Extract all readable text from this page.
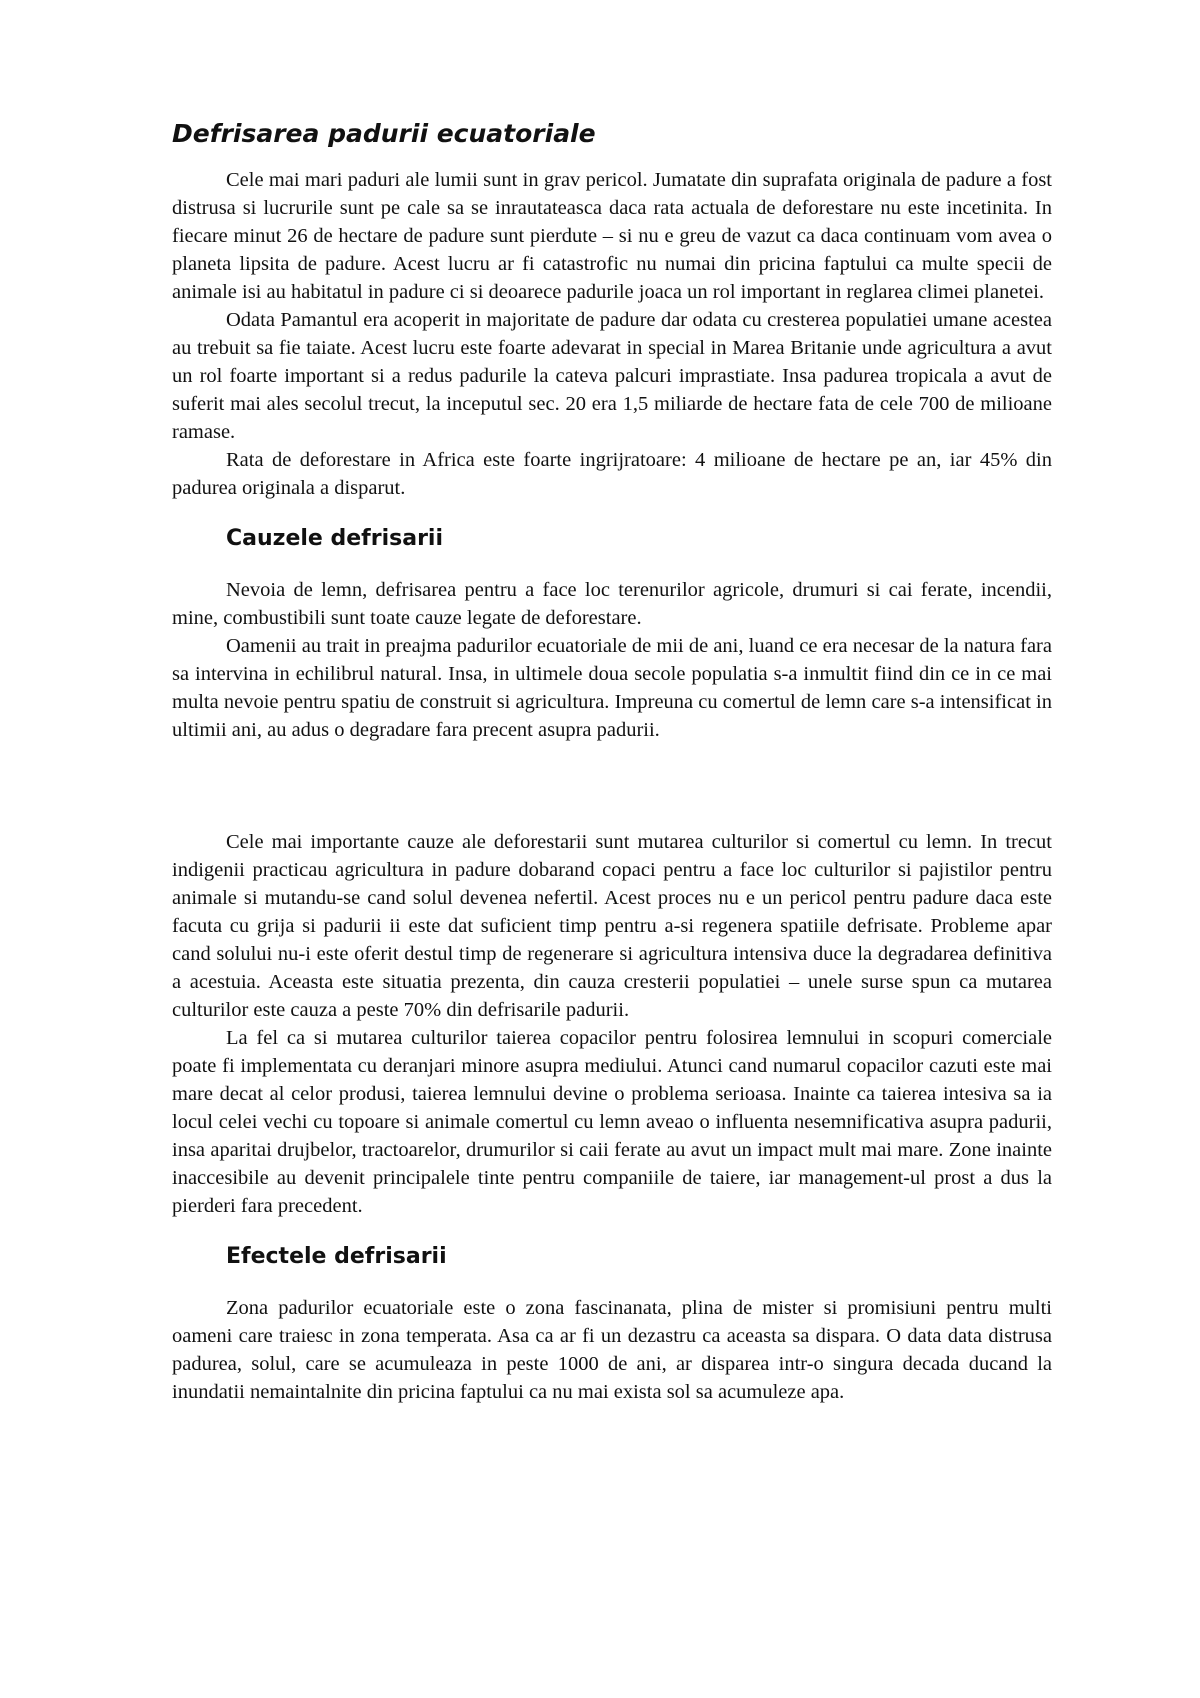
Defrisarea padurii ecuatoriale

Cele mai mari paduri ale lumii sunt in grav pericol. Jumatate din suprafata originala de padure a fost distrusa si lucrurile sunt pe cale sa se inrautateasca daca rata actuala de deforestare nu este incetinita. In fiecare minut 26 de hectare de padure sunt pierdute – si nu e greu de vazut ca daca continuam vom avea o planeta lipsita de padure. Acest lucru ar fi catastrofic nu numai din pricina faptului ca multe specii de animale isi au habitatul in padure ci si deoarece padurile joaca un rol important in reglarea climei planetei.

Odata Pamantul era acoperit in majoritate de padure dar odata cu cresterea populatiei umane acestea au trebuit sa fie taiate. Acest lucru este foarte adevarat in special in Marea Britanie unde agricultura a avut un rol foarte important si a redus padurile la cateva palcuri imprastiate. Insa padurea tropicala a avut de suferit mai ales secolul trecut, la inceputul sec. 20 era 1,5 miliarde de hectare fata de cele 700 de milioane ramase.

Rata de deforestare in Africa este foarte ingrijratoare: 4 milioane de hectare pe an, iar 45% din padurea originala a disparut.

Cauzele defrisarii

Nevoia de lemn, defrisarea pentru a face loc terenurilor agricole, drumuri si cai ferate, incendii, mine, combustibili sunt toate cauze legate de deforestare.

Oamenii au trait in preajma padurilor ecuatoriale de mii de ani, luand ce era necesar de la natura fara sa intervina in echilibrul natural. Insa, in ultimele doua secole populatia s-a inmultit fiind din ce in ce mai multa nevoie pentru spatiu de construit si agricultura. Impreuna cu comertul de lemn care s-a intensificat in ultimii ani, au adus o degradare fara precent asupra padurii.

Cele mai importante cauze ale deforestarii sunt mutarea culturilor si comertul cu lemn. In trecut indigenii practicau agricultura in padure dobarand copaci pentru a face loc culturilor si pajistilor pentru animale si mutandu-se cand solul devenea nefertil. Acest proces nu e un pericol pentru padure daca este facuta cu grija si padurii ii este dat suficient timp pentru a-si regenera spatiile defrisate. Probleme apar cand solului nu-i este oferit destul timp de regenerare si agricultura intensiva duce la degradarea definitiva a acestuia. Aceasta este situatia prezenta, din cauza cresterii populatiei – unele surse spun ca mutarea culturilor este cauza a peste 70% din defrisarile padurii.

La fel ca si mutarea culturilor taierea copacilor pentru folosirea lemnului in scopuri comerciale poate fi implementata cu deranjari minore asupra mediului. Atunci cand numarul copacilor cazuti este mai mare decat al celor produsi, taierea lemnului devine o problema serioasa. Inainte ca taierea intesiva sa ia locul celei vechi cu topoare si animale comertul cu lemn aveao o influenta nesemnificativa asupra padurii, insa aparitai drujbelor, tractoarelor, drumurilor si caii ferate au avut un impact mult mai mare. Zone inainte inaccesibile au devenit principalele tinte pentru companiile de taiere, iar management-ul prost a dus la pierderi fara precedent.

Efectele defrisarii

Zona padurilor ecuatoriale este o zona fascinanata, plina de mister si promisiuni pentru multi oameni care traiesc in zona temperata. Asa ca ar fi un dezastru ca aceasta sa dispara. O data data distrusa padurea, solul, care se acumuleaza in peste 1000 de ani, ar disparea intr-o singura decada ducand la inundatii nemaintalnite din pricina faptului ca nu mai exista sol sa acumuleze apa.
